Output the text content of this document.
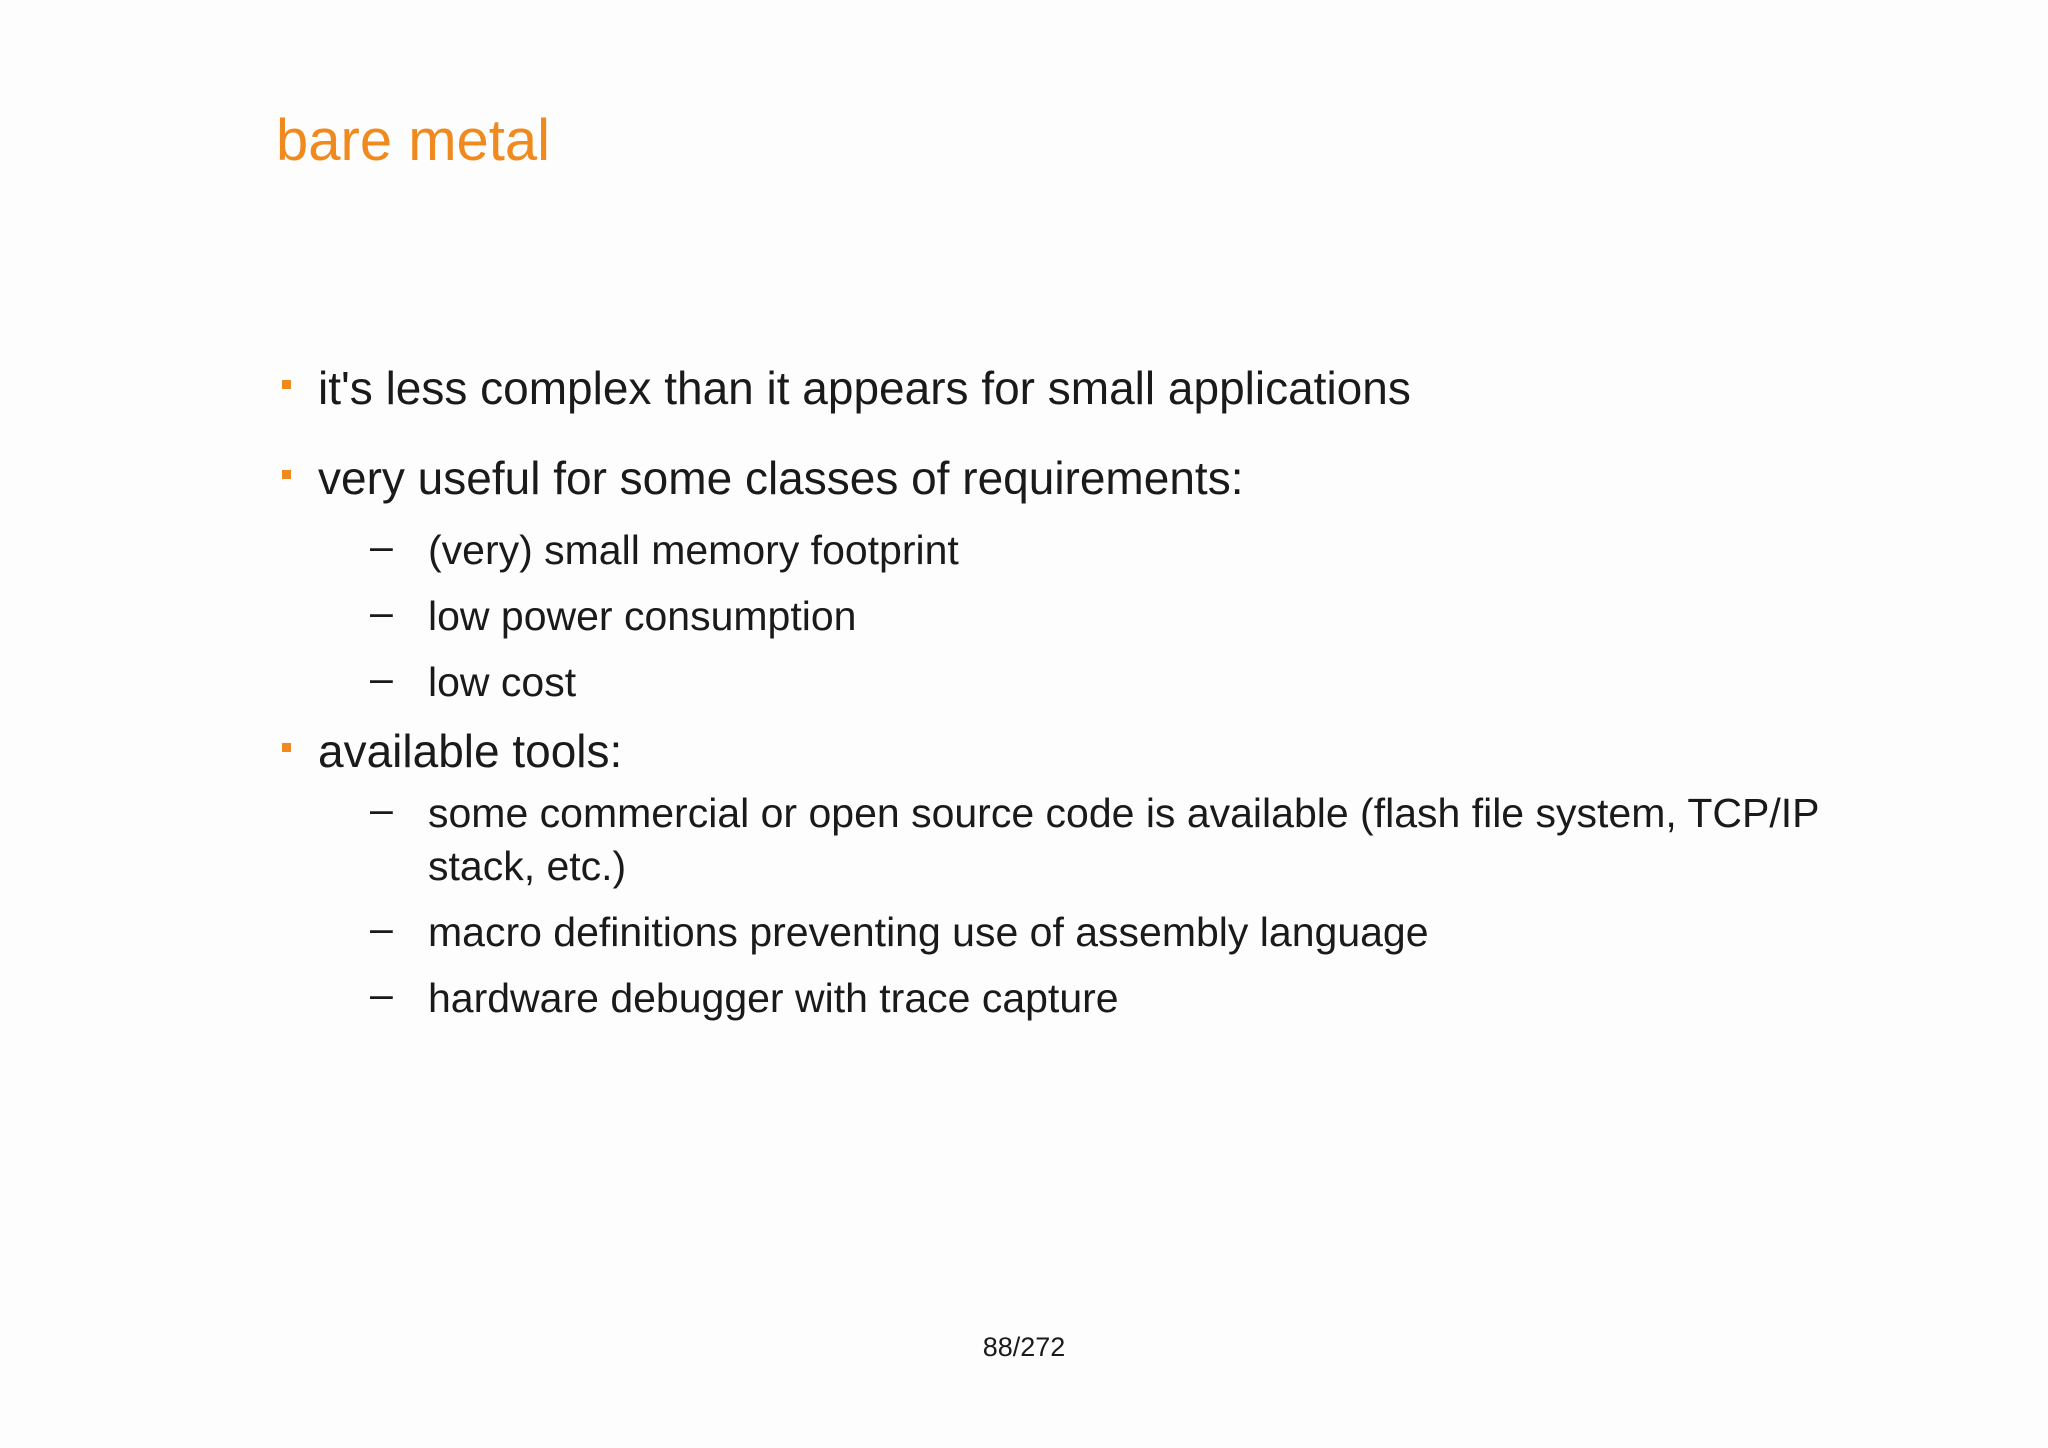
bare metal
it's less complex than it appears for small applications
very useful for some classes of requirements:
– (very) small memory footprint
– low power consumption
– low cost
available tools:
– some commercial or open source code is available (flash file system, TCP/IP stack, etc.)
– macro definitions preventing use of assembly language
– hardware debugger with trace capture
88/272
